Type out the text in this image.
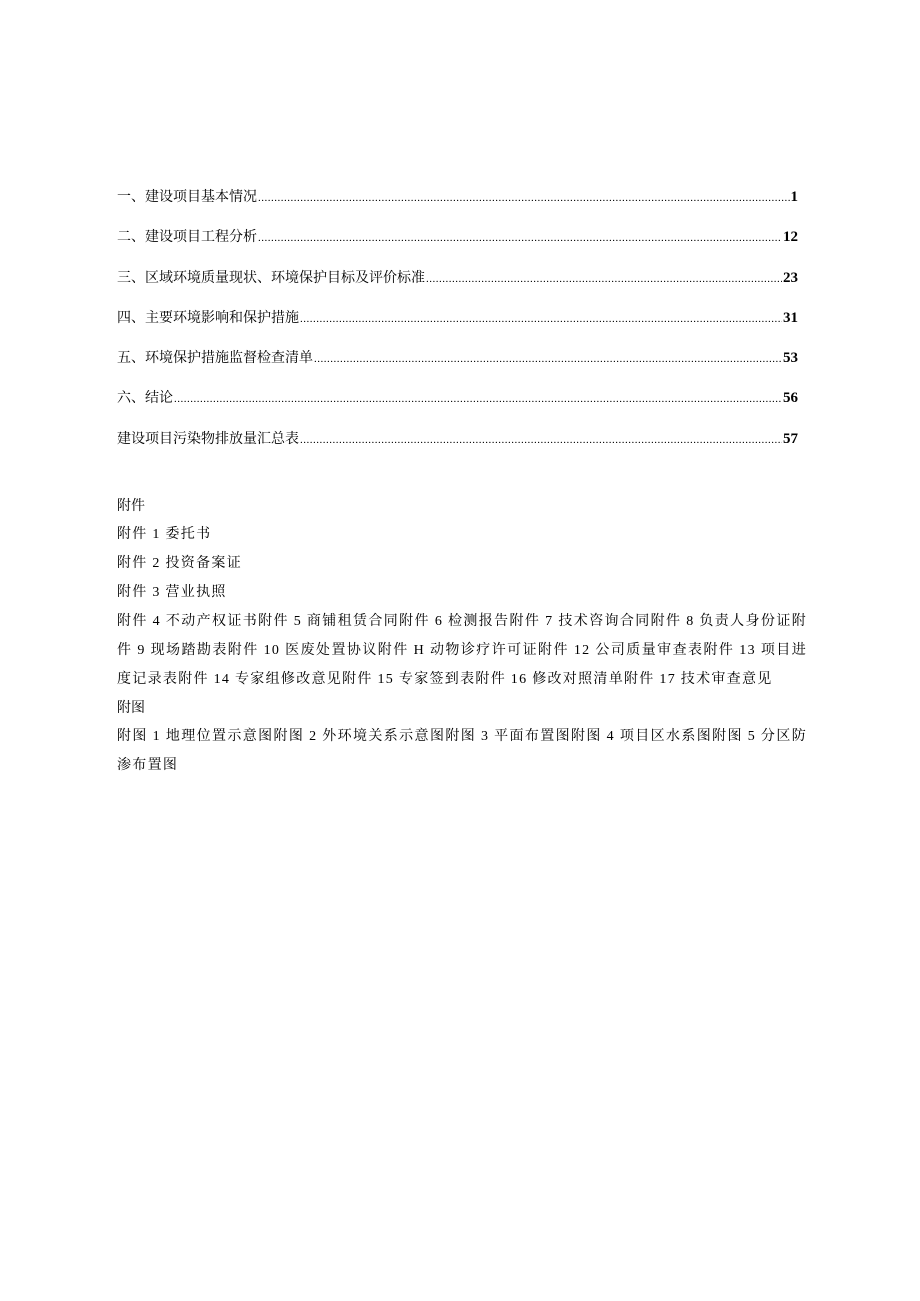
一、建设项目基本情况 .....	1
二、建设项目工程分析 .....	12
三、区域环境质量现状、环境保护目标及评价标准 .....	23
四、主要环境影响和保护措施 .....	31
五、环境保护措施监督检查清单 .....	53
六、结论 .....	56
建设项目污染物排放量汇总表 .....	57
附件
附件 1 委托书
附件 2 投资备案证
附件 3 营业执照
附件 4 不动产权证书附件 5 商铺租赁合同附件 6 检测报告附件 7 技术咨询合同附件 8 负责人身份证附件 9 现场踏勘表附件 10 医废处置协议附件 H 动物诊疗许可证附件 12 公司质量审查表附件 13 项目进度记录表附件 14 专家组修改意见附件 15 专家签到表附件 16 修改对照清单附件 17 技术审查意见
附图
附图 1 地理位置示意图附图 2 外环境关系示意图附图 3 平面布置图附图 4 项目区水系图附图 5 分区防渗布置图
